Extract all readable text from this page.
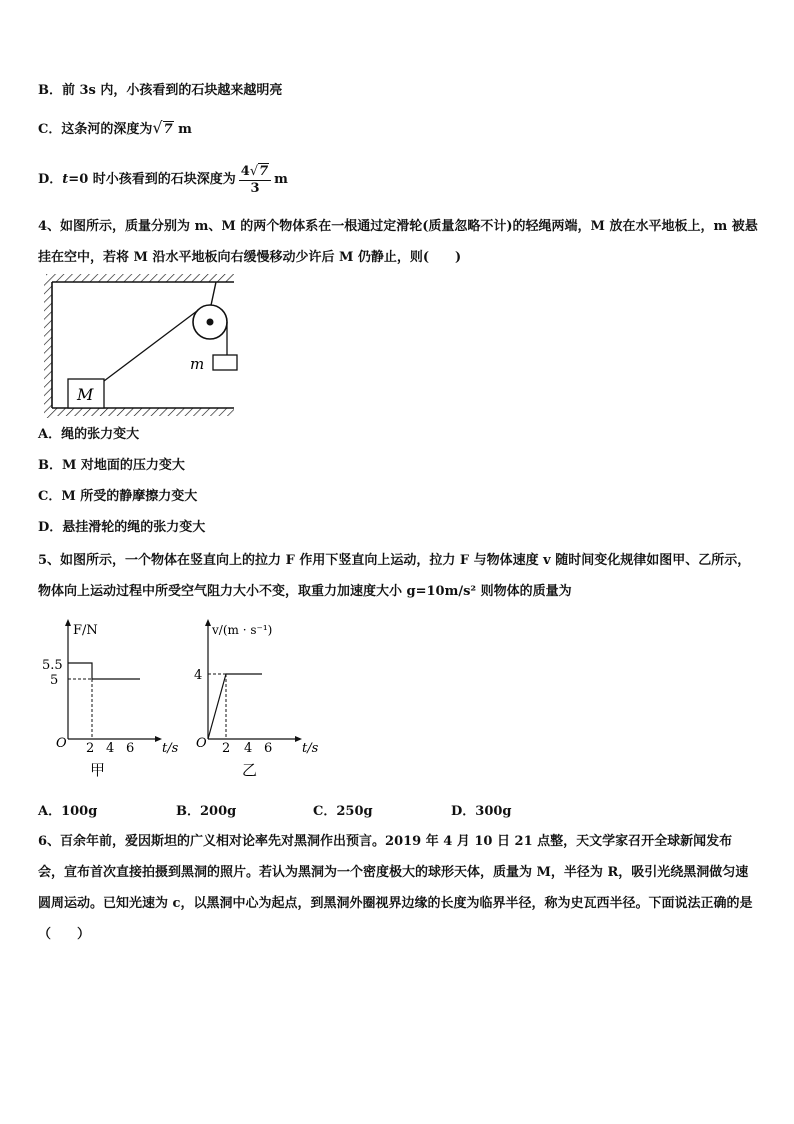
B．前 3s 内，小孩看到的石块越来越明亮
C．这条河的深度为√7 m
D．t=0 时小孩看到的石块深度为 $\frac{4√7}{3}$ m
4、如图所示，质量分别为 m、M 的两个物体系在一根通过定滑轮(质量忽略不计)的轻绳两端，M 放在水平地板上，m 被悬挂在空中，若将 M 沿水平地板向右缓慢移动少许后 M 仍静止，则(　　)
m
M
A．绳的张力变大
B．M 对地面的压力变大
C．M 所受的静摩擦力变大
D．悬挂滑轮的绳的张力变大
5、如图所示，一个物体在竖直向上的拉力 F 作用下竖直向上运动，拉力 F 与物体速度 v 随时间变化规律如图甲、乙所示，物体向上运动过程中所受空气阻力大小不变，取重力加速度大小 g=10m/s² 则物体的质量为
F/N
t/s
O
5.5
5
2 4 6
甲
v/(m · s⁻¹)
t/s
O
4
2 4 6
乙
A．100g	B．200g	C．250g	D．300g
6、百余年前，爱因斯坦的广义相对论率先对黑洞作出预言。2019 年 4 月 10 日 21 点整，天文学家召开全球新闻发布会，宣布首次直接拍摄到黑洞的照片。若认为黑洞为一个密度极大的球形天体，质量为 M，半径为 R，吸引光绕黑洞做匀速圆周运动。已知光速为 c，以黑洞中心为起点，到黑洞外圈视界边缘的长度为临界半径，称为史瓦西半径。下面说法正确的是（　　）
